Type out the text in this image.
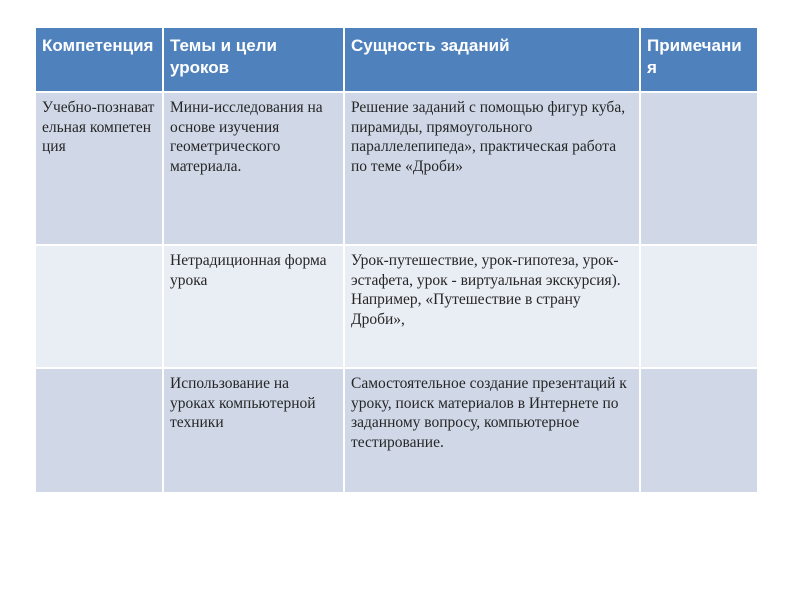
Компетенция	Темы и цели уроков	Сущность заданий	Примечания
Учебно-познавательная компетенция	Мини-исследования на основе изучения геометрического материала.	Решение заданий с помощью фигур куба, пирамиды, прямоугольного параллелепипеда», практическая работа по теме «Дроби»	
	Нетрадиционная форма урока	Урок-путешествие, урок-гипотеза, урок-эстафета, урок - виртуальная экскурсия). Например, «Путешествие в страну Дроби»,	
	Использование на уроках компьютерной техники	Самостоятельное создание презентаций к уроку, поиск материалов в Интернете по заданному вопросу, компьютерное тестирование.	
